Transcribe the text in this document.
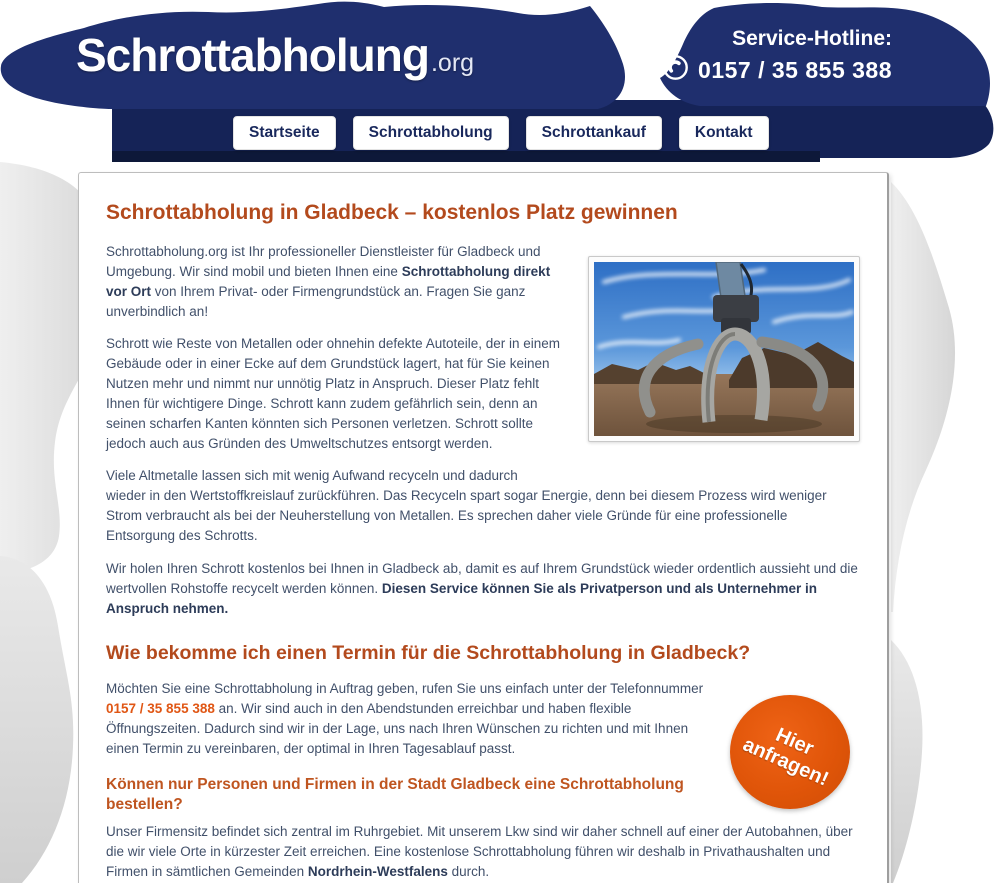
Schrottabholung .org
Service-Hotline:
0157 / 35 855 388
Startseite	Schrottabholung	Schrottankauf	Kontakt
Schrottabholung in Gladbeck – kostenlos Platz gewinnen

Schrottabholung.org ist Ihr professioneller Dienstleister für Gladbeck und Umgebung. Wir sind mobil und bieten Ihnen eine Schrottabholung direkt vor Ort von Ihrem Privat- oder Firmengrundstück an. Fragen Sie ganz unverbindlich an!

Schrott wie Reste von Metallen oder ohnehin defekte Autoteile, der in einem Gebäude oder in einer Ecke auf dem Grundstück lagert, hat für Sie keinen Nutzen mehr und nimmt nur unnötig Platz in Anspruch. Dieser Platz fehlt Ihnen für wichtigere Dinge. Schrott kann zudem gefährlich sein, denn an seinen scharfen Kanten könnten sich Personen verletzen. Schrott sollte jedoch auch aus Gründen des Umweltschutzes entsorgt werden.

Viele Altmetalle lassen sich mit wenig Aufwand recyceln und dadurch
wieder in den Wertstoffkreislauf zurückführen. Das Recyceln spart sogar Energie, denn bei diesem Prozess wird weniger Strom verbraucht als bei der Neuherstellung von Metallen. Es sprechen daher viele Gründe für eine professionelle Entsorgung des Schrotts.

Wir holen Ihren Schrott kostenlos bei Ihnen in Gladbeck ab, damit es auf Ihrem Grundstück wieder ordentlich aussieht und die wertvollen Rohstoffe recycelt werden können. Diesen Service können Sie als Privatperson und als Unternehmer in Anspruch nehmen.

Wie bekomme ich einen Termin für die Schrottabholung in Gladbeck?
Hier anfragen!

Möchten Sie eine Schrottabholung in Auftrag geben, rufen Sie uns einfach unter der Telefonnummer 0157 / 35 855 388 an. Wir sind auch in den Abendstunden erreichbar und haben flexible Öffnungszeiten. Dadurch sind wir in der Lage, uns nach Ihren Wünschen zu richten und mit Ihnen einen Termin zu vereinbaren, der optimal in Ihren Tagesablauf passt.

Können nur Personen und Firmen in der Stadt Gladbeck eine Schrottabholung bestellen?

Unser Firmensitz befindet sich zentral im Ruhrgebiet. Mit unserem Lkw sind wir daher schnell auf einer der Autobahnen, über die wir viele Orte in kürzester Zeit erreichen. Eine kostenlose Schrottabholung führen wir deshalb in Privathaushalten und Firmen in sämtlichen Gemeinden Nordrhein-Westfalens durch.
